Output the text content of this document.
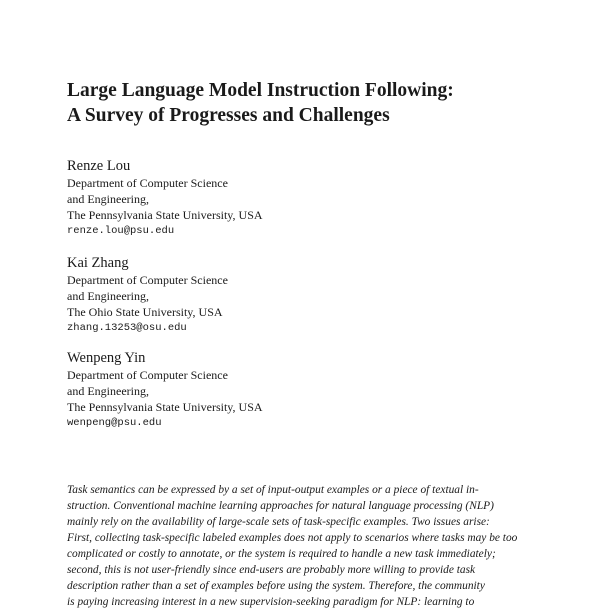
Large Language Model Instruction Following:
A Survey of Progresses and Challenges
Renze Lou
Department of Computer Science
and Engineering,
The Pennsylvania State University, USA
renze.lou@psu.edu
Kai Zhang
Department of Computer Science
and Engineering,
The Ohio State University, USA
zhang.13253@osu.edu
Wenpeng Yin
Department of Computer Science
and Engineering,
The Pennsylvania State University, USA
wenpeng@psu.edu

Task semantics can be expressed by a set of input-output examples or a piece of textual in-
struction. Conventional machine learning approaches for natural language processing (NLP)
mainly rely on the availability of large-scale sets of task-specific examples. Two issues arise:
First, collecting task-specific labeled examples does not apply to scenarios where tasks may be too
complicated or costly to annotate, or the system is required to handle a new task immediately;
second, this is not user-friendly since end-users are probably more willing to provide task
description rather than a set of examples before using the system. Therefore, the community
is paying increasing interest in a new supervision-seeking paradigm for NLP: learning to
